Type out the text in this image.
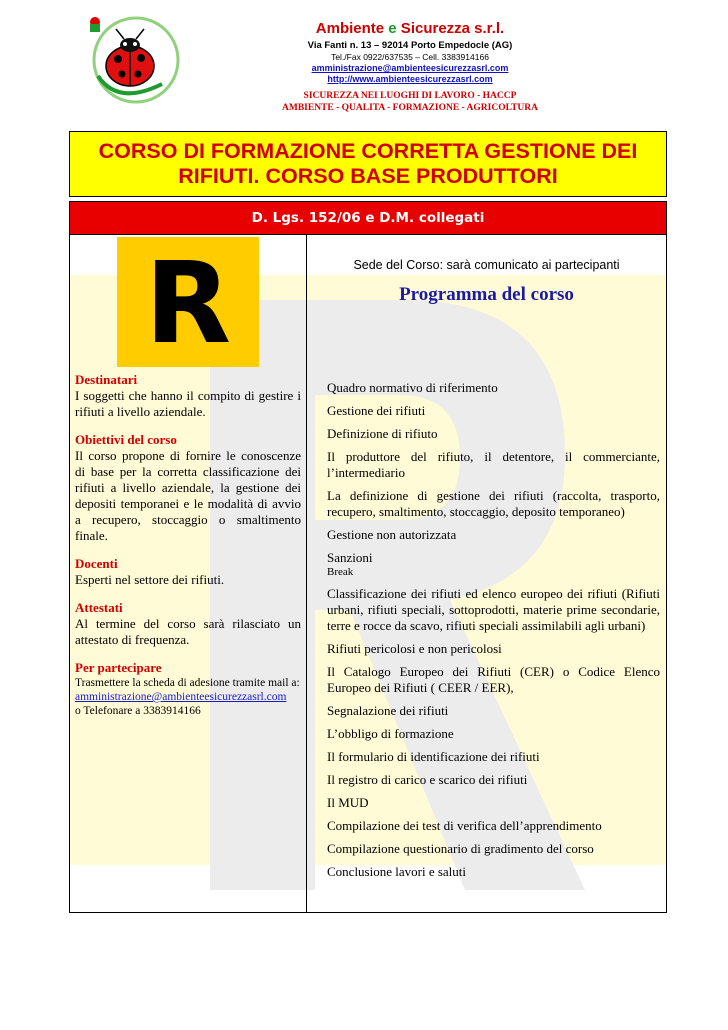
Ambiente e Sicurezza s.r.l.
Via Fanti n. 13 – 92014 Porto Empedocle (AG)
Tel./Fax 0922/637535 – Cell. 3383914166
amministrazione@ambienteesicurezzasrl.com
http://www.ambienteesicurezzasrl.com
SICUREZZA NEI LUOGHI DI LAVORO - HACCP
AMBIENTE - QUALITA - FORMAZIONE - AGRICOLTURA
CORSO DI FORMAZIONE CORRETTA GESTIONE DEI RIFIUTI. CORSO BASE PRODUTTORI
D. Lgs. 152/06 e D.M. collegati
R	Sede del Corso: sarà comunicato ai partecipanti
Programma del corso
Quadro normativo di riferimento
Gestione dei rifiuti
Definizione di rifiuto
Il produttore del rifiuto, il detentore, il commerciante, l’intermediario
La definizione di gestione dei rifiuti (raccolta, trasporto, recupero, smaltimento, stoccaggio, deposito temporaneo)
Gestione non autorizzata
Sanzioni
Break
Classificazione dei rifiuti ed elenco europeo dei rifiuti (Rifiuti urbani, rifiuti speciali, sottoprodotti, materie prime secondarie, terre e rocce da scavo, rifiuti speciali assimilabili agli urbani)
Rifiuti pericolosi e non pericolosi
Il Catalogo Europeo dei Rifiuti (CER) o Codice Elenco Europeo dei Rifiuti ( CEER / EER),
Segnalazione dei rifiuti
L’obbligo di formazione
Il formulario di identificazione dei rifiuti
Il registro di carico e scarico dei rifiuti
Il MUD
Compilazione dei test di verifica dell’apprendimento
Compilazione questionario di gradimento del corso
Conclusione lavori e saluti
Destinatari
I soggetti che hanno il compito di gestire i rifiuti a livello aziendale.
Obiettivi del corso
Il corso propone di fornire le conoscenze di base per la corretta classificazione dei rifiuti a livello aziendale, la gestione dei depositi temporanei e le modalità di avvio a recupero, stoccaggio o smaltimento finale.
Docenti
Esperti nel settore dei rifiuti.
Attestati
Al termine del corso sarà rilasciato un attestato di frequenza.
Per partecipare
Trasmettere la scheda di adesione tramite mail a:
amministrazione@ambienteesicurezzasrl.com
o Telefonare a 3383914166
